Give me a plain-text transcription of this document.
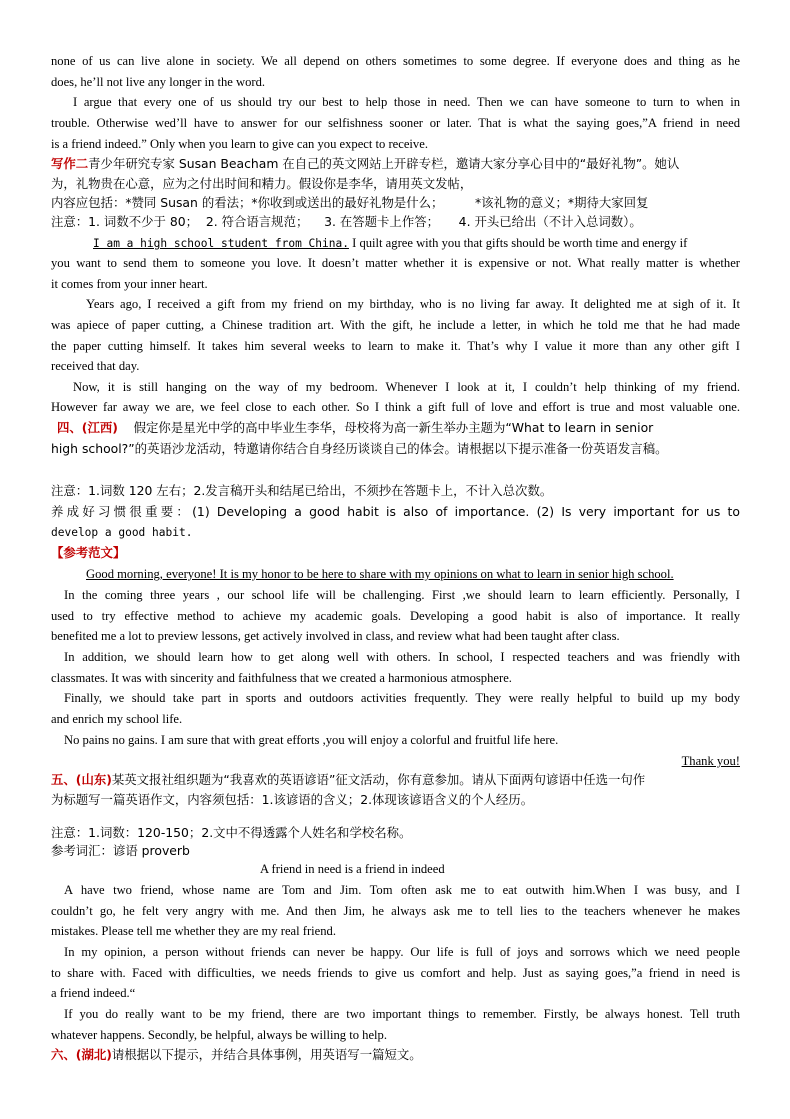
none of us can live alone in society. We all depend on others sometimes to some degree. If everyone does and thing as he
does, he’ll not live any longer in the word.
I argue that every one of us should try our best to help those in need. Then we can have someone to turn to when in
trouble. Otherwise wed’ll have to answer for our selfishness sooner or later. That is what the saying goes,”A friend in need
is a friend indeed.” Only when you learn to give can you expect to receive.
写作二青少年研究专家 Susan Beacham 在自己的英文网站上开辟专栏，邀请大家分享心目中的“最好礼物”。她认
为，礼物贵在心意，应为之付出时间和精力。假设你是李华，请用英文发帖，
内容应包括：*赞同 Susan 的看法；*你收到或送出的最好礼物是什么；        *该礼物的意义；*期待大家回复
注意：1. 词数不少于 80；  2. 符合语言规范；    3. 在答题卡上作答；     4. 开头已给出（不计入总词数）。
I am a high school student from China. I quilt agree with you that gifts should be worth time and energy if
you want to send them to someone you love. It doesn’t matter whether it is expensive or not. What really matter is whether
it comes from your inner heart.
Years ago, I received a gift from my friend on my birthday, who is no living far away. It delighted me at sigh of it. It
was apiece of paper cutting, a Chinese tradition art. With the gift, he include a letter, in which he told me that he had made
the paper cutting himself. It takes him several weeks to learn to make it. That’s why I value it more than any other gift I
received that day.
Now, it is still hanging on the way of my bedroom. Whenever I look at it, I couldn’t help thinking of my friend.
However far away we are, we feel close to each other. So I think a gift full of love and effort is true and most valuable one.
四、(江西)    假定你是星光中学的高中毕业生李华，母校将为高一新生举办主题为“What to learn in senior
high school?”的英语沙龙活动，特邀请你结合自身经历谈谈自己的体会。请根据以下提示准备一份英语发言稿。
注意：1.词数 120 左右；2.发言稿开头和结尾已给出，不须抄在答题卡上，不计入总次数。
养成好习惯很重要：(1) Developing a good habit is also of importance. (2) Is very important for us to
develop a good habit.
【参考范文】
Good morning, everyone! It is my honor to be here to share with my opinions on what to learn in senior high school.
In the coming three years , our school life will be challenging. First ,we should learn to learn efficiently. Personally, I
used to try effective method to achieve my academic goals. Developing a good habit is also of importance. It really
benefited me a lot to preview lessons, get actively involved in class, and review what had been taught after class.
In addition, we should learn how to get along well with others. In school, I respected teachers and was friendly with
classmates. It was with sincerity and faithfulness that we created a harmonious atmosphere.
Finally, we should take part in sports and outdoors activities frequently. They were really helpful to build up my body
and enrich my school life.
No pains no gains. I am sure that with great efforts ,you will enjoy a colorful and fruitful life here.
Thank you!
五、(山东)某英文报社组织题为“我喜欢的英语谚语”征文活动，你有意参加。请从下面两句谚语中任选一句作
为标题写一篇英语作文，内容须包括：1.该谚语的含义；2.体现该谚语含义的个人经历。
注意：1.词数：120-150；2.文中不得透露个人姓名和学校名称。
参考词汇：谚语 proverb
A friend in need is a friend in indeed
A have two friend, whose name are Tom and Jim. Tom often ask me to eat outwith him.When I was busy, and I
couldn’t go, he felt very angry with me. And then Jim, he always ask me to tell lies to the teachers whenever he makes
mistakes. Please tell me whether they are my real friend.
In my opinion, a person without friends can never be happy. Our life is full of joys and sorrows which we need people
to share with. Faced with difficulties, we needs friends to give us comfort and help. Just as saying goes,”a friend in need is
a friend indeed.“
If you do really want to be my friend, there are two important things to remember. Firstly, be always honest. Tell truth
whatever happens. Secondly, be helpful, always be willing to help.
六、(湖北)请根据以下提示，并结合具体事例，用英语写一篇短文。
